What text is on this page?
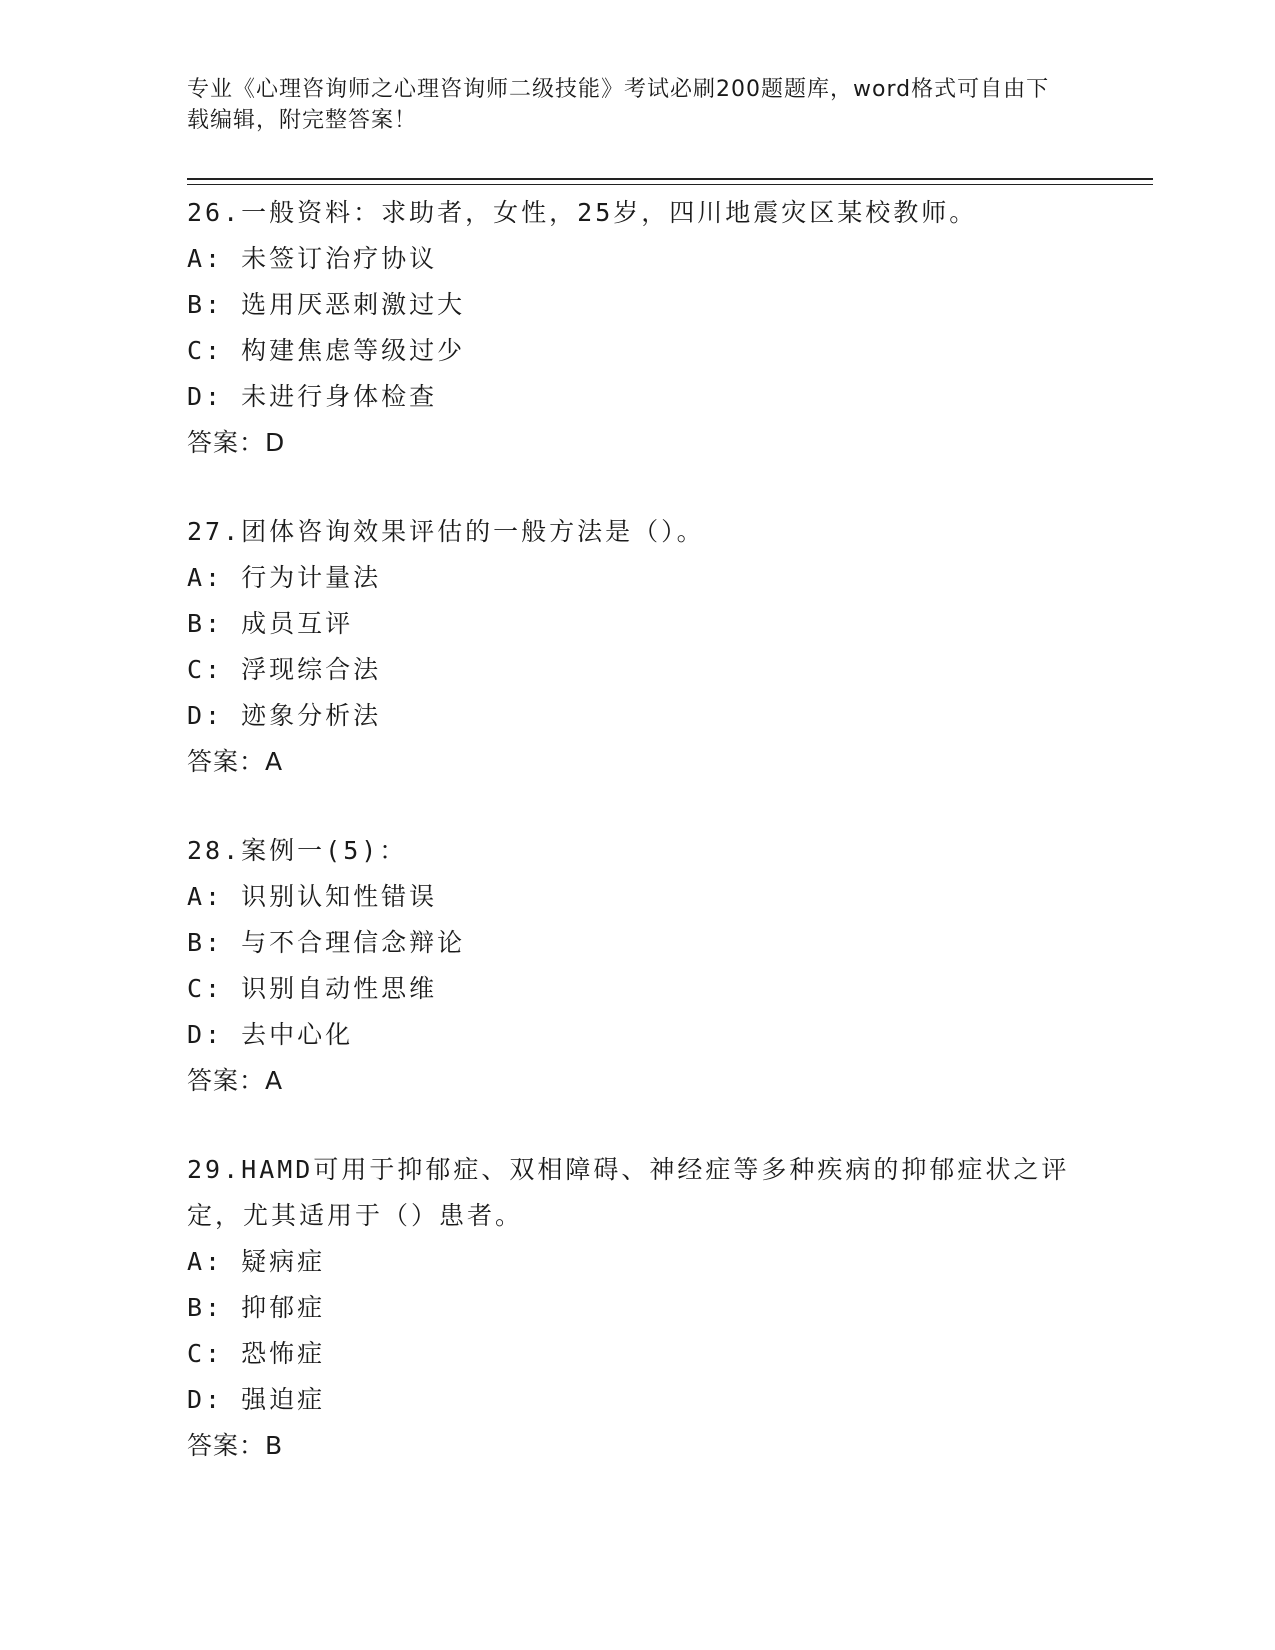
专业《心理咨询师之心理咨询师二级技能》考试必刷200题题库，word格式可自由下载编辑，附完整答案！

26.一般资料：求助者，女性，25岁，四川地震灾区某校教师。

A: 未签订治疗协议

B: 选用厌恶刺激过大

C: 构建焦虑等级过少

D: 未进行身体检查

答案：D

27.团体咨询效果评估的一般方法是（）。

A: 行为计量法

B: 成员互评

C: 浮现综合法

D: 迹象分析法

答案：A

28.案例一(5)：

A: 识别认知性错误

B: 与不合理信念辩论

C: 识别自动性思维

D: 去中心化

答案：A

29.HAMD可用于抑郁症、双相障碍、神经症等多种疾病的抑郁症状之评定，尤其适用于（）患者。

A: 疑病症

B: 抑郁症

C: 恐怖症

D: 强迫症

答案：B
